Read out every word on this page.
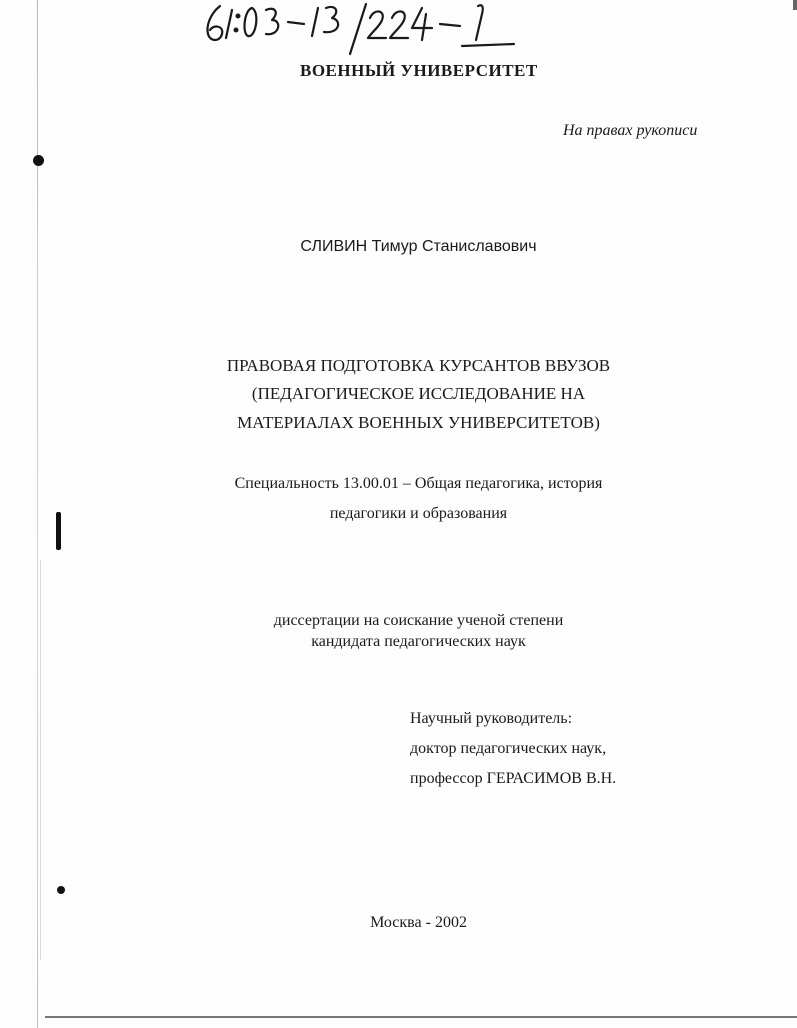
ВОЕННЫЙ УНИВЕРСИТЕТ
На правах рукописи
СЛИВИН Тимур Станиславович
ПРАВОВАЯ ПОДГОТОВКА КУРСАНТОВ ВВУЗОВ
(ПЕДАГОГИЧЕСКОЕ ИССЛЕДОВАНИЕ НА
МАТЕРИАЛАХ ВОЕННЫХ УНИВЕРСИТЕТОВ)
Специальность 13.00.01 – Общая педагогика, история
педагогики и образования
диссертации на соискание ученой степени
кандидата педагогических наук
Научный руководитель:
доктор педагогических наук,
профессор ГЕРАСИМОВ В.Н.
Москва - 2002
